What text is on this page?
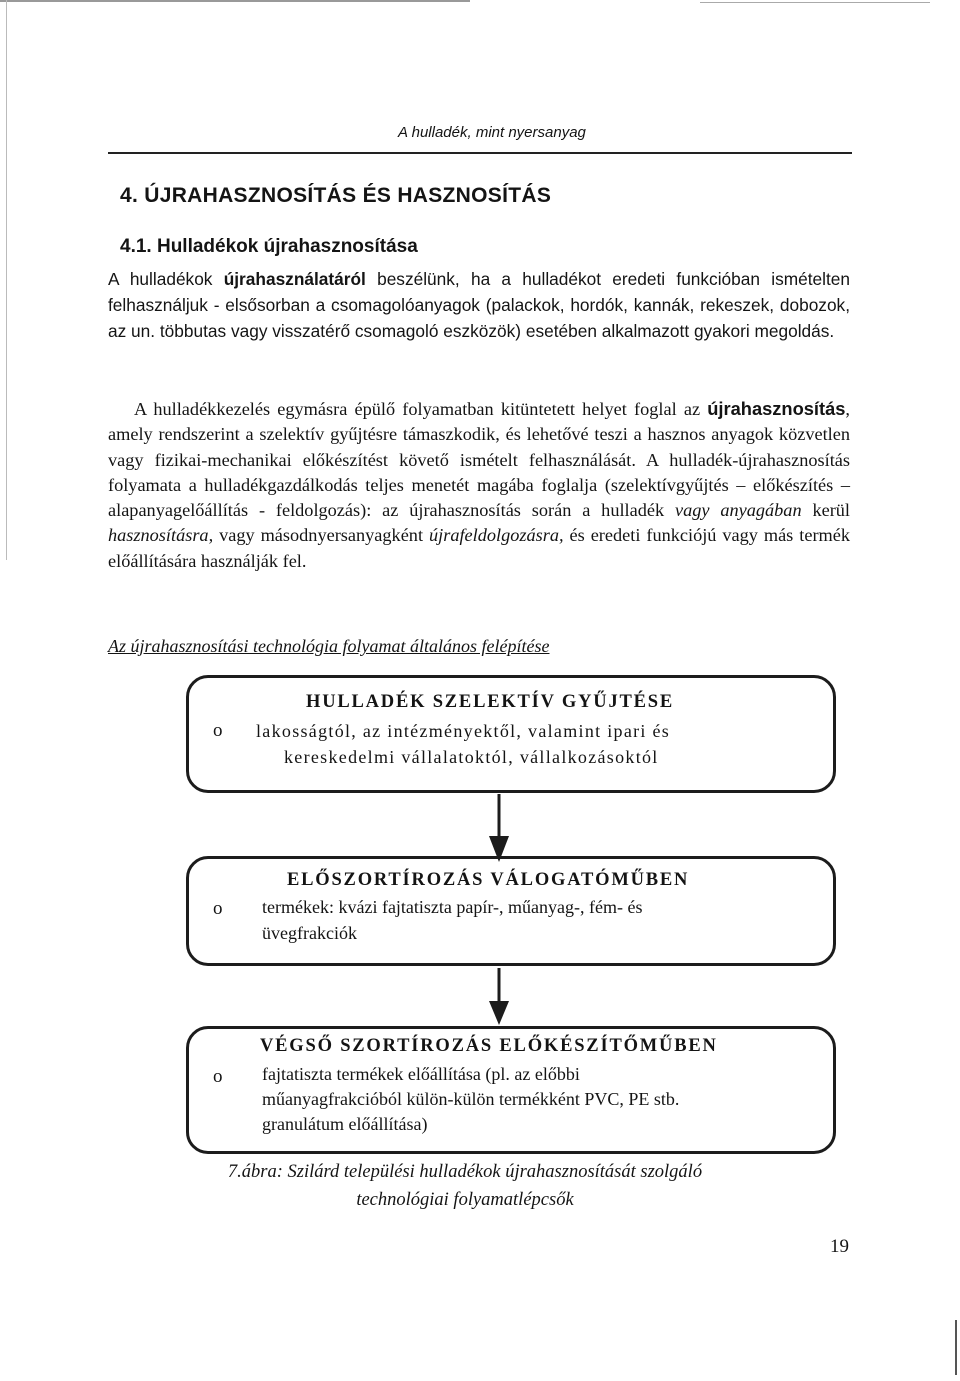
A hulladék, mint nyersanyag
4. ÚJRAHASZNOSÍTÁS ÉS HASZNOSÍTÁS
4.1. Hulladékok újrahasznosítása
A hulladékok újrahasználatáról beszélünk, ha a hulladékot eredeti funkcióban ismételten felhasználjuk - elsősorban a csomagolóanyagok (palackok, hordók, kannák, rekeszek, dobozok, az un. többutas vagy visszatérő csomagoló eszközök) esetében alkalmazott gyakori megoldás.
A hulladékkezelés egymásra épülő folyamatban kitüntetett helyet foglal az újrahasznosítás, amely rendszerint a szelektív gyűjtésre támaszkodik, és lehetővé teszi a hasznos anyagok közvetlen vagy fizikai-mechanikai előkészítést követő ismételt felhasználását. A hulladék-újrahasznosítás folyamata a hulladékgazdálkodás teljes menetét magába foglalja (szelektívgyűjtés – előkészítés – alapanyagelőállítás - feldolgozás): az újrahasznosítás során a hulladék vagy anyagában kerül hasznosításra, vagy másodnyersanyagként újrafeldolgozásra, és eredeti funkciójú vagy más termék előállítására használják fel.
Az újrahasznosítási technológia folyamat általános felépítése
HULLADÉK SZELEKTÍV GYŰJTÉSE
o lakosságtól, az intézményektől, valamint ipari és
kereskedelmi vállalatoktól, vállalkozásoktól
ELŐSZORTÍROZÁS VÁLOGATÓMŰBEN
o termékek: kvázi fajtatiszta papír-, műanyag-, fém- és
üvegfrakciók
VÉGSŐ SZORTÍROZÁS ELŐKÉSZÍTŐMŰBEN
o fajtatiszta termékek előállítása (pl. az előbbi
műanyagfrakcióból külön-külön termékként PVC, PE stb.
granulátum előállítása)
7.ábra: Szilárd települési hulladékok újrahasznosítását szolgáló
technológiai folyamatlépcsők
19
